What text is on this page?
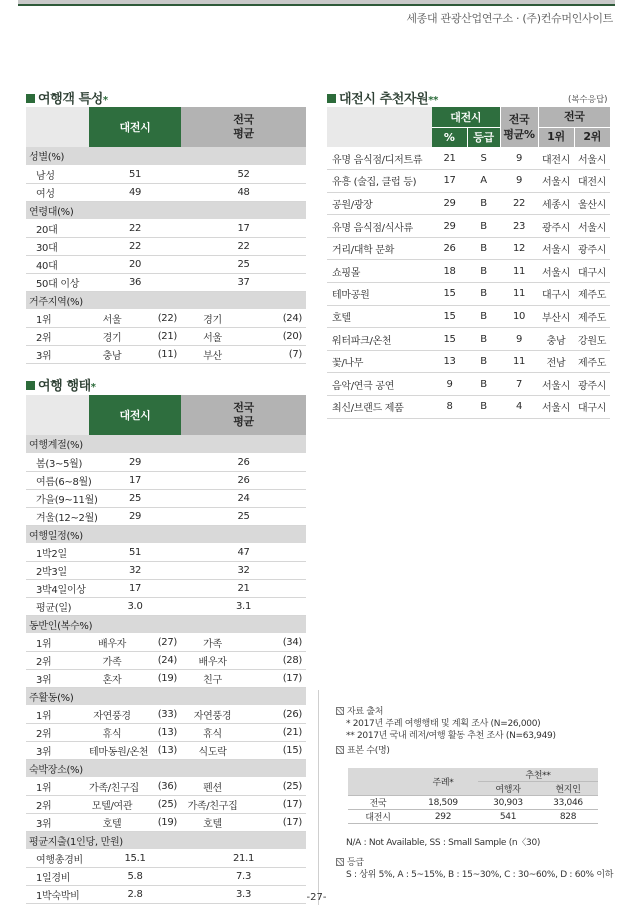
세종대 관광산업연구소 · (주)컨슈머인사이트
여행객 특성*
	대전시		전국
평균	
성별(%)				
남성	51		52	
여성	49		48	
연령대(%)				
20대	22		17	
30대	22		22	
40대	20		25	
50대 이상	36		37	
거주지역(%)				
1위	서울	(22)	경기	(24)
2위	경기	(21)	서울	(20)
3위	충남	(11)	부산	(7)
여행 행태*
	대전시		전국
평균	
여행계절(%)				
봄(3~5월)	29		26	
여름(6~8월)	17		26	
가을(9~11월)	25		24	
겨울(12~2월)	29		25	
여행일정(%)				
1박2일	51		47	
2박3일	32		32	
3박4일이상	17		21	
평균(일)	3.0		3.1	
동반인(복수%)				
1위	배우자	(27)	가족	(34)
2위	가족	(24)	배우자	(28)
3위	혼자	(19)	친구	(17)
주활동(%)				
1위	자연풍경	(33)	자연풍경	(26)
2위	휴식	(13)	휴식	(21)
3위	테마동원/온천	(13)	식도락	(15)
숙박장소(%)				
1위	가족/친구집	(36)	펜션	(25)
2위	모텔/여관	(25)	가족/친구집	(17)
3위	호텔	(19)	호텔	(17)
평균지출(1인당, 만원)				
여행총경비	15.1		21.1	
1일경비	5.8		7.3	
1박숙박비	2.8		3.3	
대전시 추천자원**	(복수응답)
	대전시		전국
평균%	전국	
	%	등급		1위	2위
유명 음식점/디저트류	21	S	9	대전시	서울시
유흥 (술집, 클럽 등)	17	A	9	서울시	대전시
공원/광장	29	B	22	세종시	울산시
유명 음식점/식사류	29	B	23	광주시	서울시
거리/대학 문화	26	B	12	서울시	광주시
쇼핑몰	18	B	11	서울시	대구시
테마공원	15	B	11	대구시	제주도
호텔	15	B	10	부산시	제주도
워터파크/온천	15	B	9	충남	강원도
꽃/나무	13	B	11	전남	제주도
음악/연극 공연	9	B	7	서울시	광주시
최신/브랜드 제품	8	B	4	서울시	대구시
자료 출처
* 2017년 주례 여행행태 및 계획 조사 (N=26,000)
** 2017년 국내 레저/여행 활동 추천 조사 (N=63,949)
표본 수(명)
	주례*	추천**	
		여행자	현지인
전국	18,509	30,903	33,046
대전시	292	541	828
N/A : Not Available, SS : Small Sample (n〈30)
등급
S : 상위 5%, A : 5~15%, B : 15~30%, C : 30~60%, D : 60% 이하
-27-
